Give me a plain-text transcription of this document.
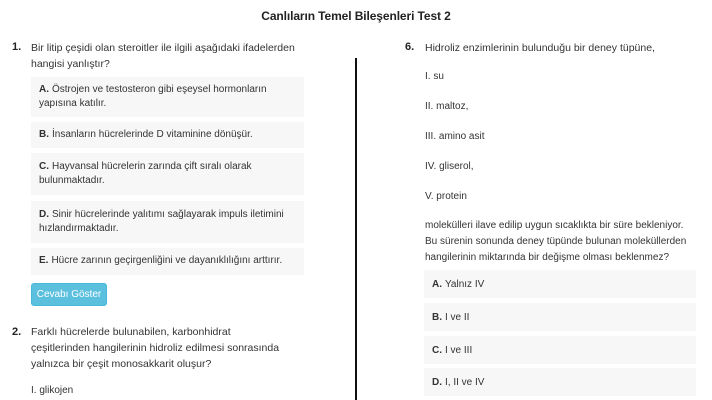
Canlıların Temel Bileşenleri Test 2
1. Bir litip çeşidi olan steroitler ile ilgili aşağıdaki ifadelerden hangisi yanlıştır?
A. Östrojen ve testosteron gibi eşeysel hormonların yapısına katılır.
B. İnsanların hücrelerinde D vitaminine dönüşür.
C. Hayvansal hücrelerin zarında çift sıralı olarak bulunmaktadır.
D. Sinir hücrelerinde yalıtımı sağlayarak impuls iletimini hızlandırmaktadır.
E. Hücre zarının geçirgenliğini ve dayanıklılığını arttırır.
Cevabı Göster
2. Farklı hücrelerde bulunabilen, karbonhidrat çeşitlerinden hangilerinin hidroliz edilmesi sonrasında yalnızca bir çeşit monosakkarit oluşur?
I. glikojen
6. Hidroliz enzimlerinin bulunduğu bir deney tüpüne,
I. su
II. maltoz,
III. amino asit
IV. gliserol,
V. protein
molekülleri ilave edilip uygun sıcaklıkta bir süre bekleniyor. Bu sürenin sonunda deney tüpünde bulunan moleküllerden hangilerinin miktarında bir değişme olması beklenmez?
A. Yalnız IV
B. I ve II
C. I ve III
D. I, II ve IV
